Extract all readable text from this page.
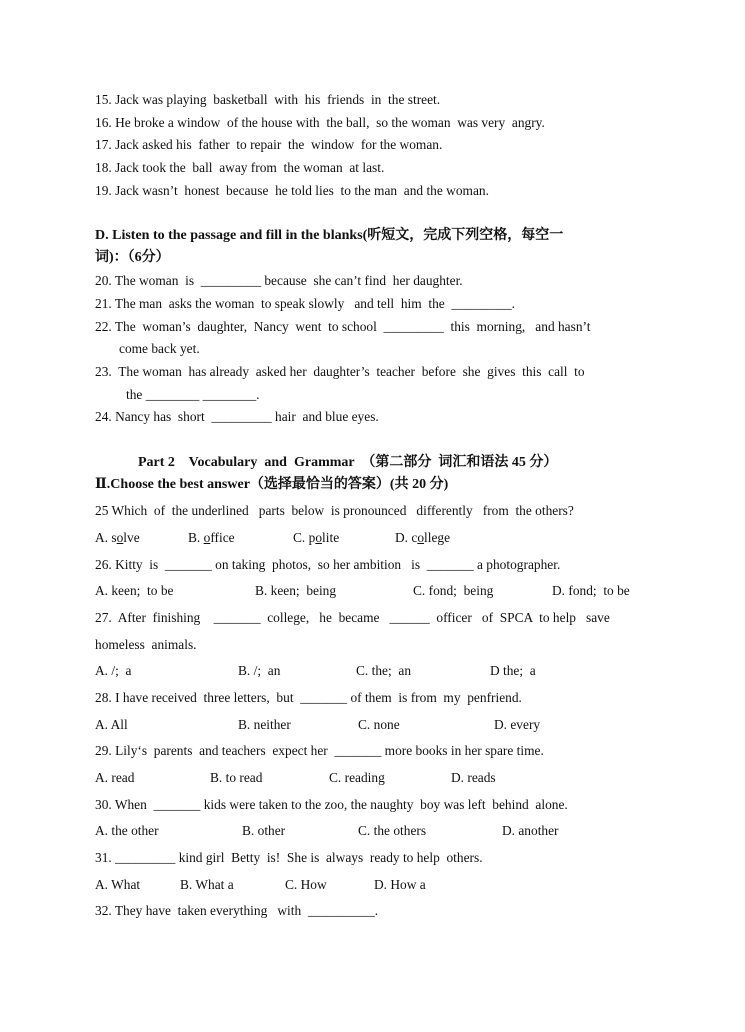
15. Jack was playing  basketball  with  his  friends  in  the street.
16. He broke a window  of the house with  the ball,  so the woman  was very  angry.
17. Jack asked his  father  to repair  the  window  for the woman.
18. Jack took the  ball  away from  the woman  at last.
19. Jack wasn’t  honest  because  he told lies  to the man  and the woman.
D. Listen to the passage and fill in the blanks(听短文，完成下列空格，每空一
词)：（6分）
20. The woman  is  _________ because  she can’t find  her daughter.
21. The man  asks the woman  to speak slowly   and tell  him  the  _________.
22. The  woman’s  daughter,  Nancy  went  to school  _________  this  morning,   and hasn’t
come back yet.
23.  The woman  has already  asked her  daughter’s  teacher  before  she  gives  this  call  to
the ________ ________.
24. Nancy has  short  _________ hair  and blue eyes.
Part 2    Vocabulary  and  Grammar  （第二部分  词汇和语法 45 分）
Ⅱ.Choose the best answer（选择最恰当的答案）(共 20 分)
25 Which  of  the underlined   parts  below  is pronounced   differently   from  the others?
A. solve	B. office	C. polite	D. college
26. Kitty  is  _______ on taking  photos,  so her ambition   is  _______ a photographer.
A. keen;  to be	B. keen;  being	C. fond;  being	D. fond;  to be
27.  After  finishing    _______  college,   he  became   ______  officer   of  SPCA  to help   save
homeless  animals.
A. /;  a	B. /;  an	C. the;  an	D the;  a
28. I have received  three letters,  but  _______ of them  is from  my  penfriend.
A. All	B. neither	C. none	D. every
29. Lily‘s  parents  and teachers  expect her  _______ more books in her spare time.
A. read	B. to read	C. reading	D. reads
30. When  _______ kids were taken to the zoo, the naughty  boy was left  behind  alone.
A. the other	B. other	C. the others	D. another
31. _________ kind girl  Betty  is!  She is  always  ready to help  others.
A. What	B. What a	C. How	D. How a
32. They have  taken everything   with  __________.
